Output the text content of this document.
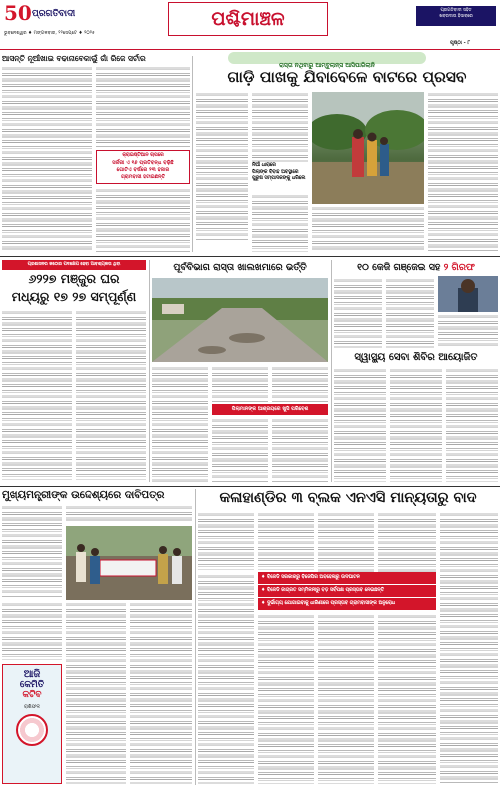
50 ପ୍ରଗତିବାଦୀ
ଭୁବନେଶ୍ୱର ♦ ମଙ୍ଗଳବାର, ୨୨ସେପ୍ଟେ ♦ ୨୦୨୫
ପଶ୍ଚିମାଞ୍ଚଳ	ପ୍ରଗତିବାଦୀ ସହିତ
ଖବରଦାତା ହିସାବରେ
ପୃଷ୍ଠା - ୮
ଆସନ୍ତି ନୂଆଁଖାଇ ବଢାନାବେକାଲୁଁ ଗାଁ ରିଜେ ସର୍ଟାର
କ୍ରାଇଷ୍ଟିଆନ ଚାପରେ
ସର୍ଜରୀ ଏ ୧୬ ପ୍ରତିବନ୍ଧ ବଢ଼ିଛି
ଗୋଟିଏ ବର୍ଷରେ ୨୩ ହଜାର
ଗ୍ରାମବାସୀ ହଟାଇଛନ୍ତି
ରାସ୍ତା ନଥିବାରୁ ଆମ୍ବୁଲାନ୍ସ ଆସିପାରିଲାନି
ଗାଡ଼ି ପାଖକୁ ଯିବାବେଳେ ବାଟରେ ପ୍ରସବ
ନିଆଁ ଧାରାରେ
ପିଲାଙ୍କ ବିବାହ ଅବସ୍ଥାରେ
ପୁରୁଷ ସମ୍ପାଦକଙ୍କୁ ଧରିଲେ
ପ୍ରଶାସନର କଠୋର ପଦକ୍ଷେପ ହେବା ଆବଶ୍ୟକତା ଥିବା
୬୨୨୭ ମଞ୍ଜୁର ଘର
ମଧ୍ୟରୁ ୧୭ ୨୭ ସମ୍ପୂର୍ଣ୍ଣ
ପୂର୍ବବିଭାଗ ରାସ୍ତା ଖାଲଖମାରେ ଭର୍ତ୍ତି
ପିଲାମାନଙ୍କ ଆଶ୍ରୟରେ ଖୁସି ପରିବେଶ
୧୦ କେଜି ଗଞ୍ଜେଇ ସହ ୨ ଗିରଫ
ସ୍ୱାସ୍ଥ୍ୟ ସେବା ଶିବିର ଆୟୋଜିତ
ମୁଖ୍ୟମନ୍ତ୍ରୀଙ୍କ ଉଦ୍ଦେଶ୍ୟରେ ଦାବିପତ୍ର
ଆଜି
କେମିତି
କଟିବ
ରାଶିଫଳ
କଳାହାଣ୍ଡିର ୩ ବ୍ଲକ ଏନଏସି ମାନ୍ୟତାରୁ ବାଦ
♦ ବିଜେଡି ସରକାରରୁ ବିଜେପିର ଅବହେଳାରୁ ଉଦଘାଟନ
♦ ବିଜେଡି ଜାଗ୍ରତ ସମ୍ମିଳନୀରୁ ବଡ଼ ସର୍ବପକ୍ଷ ପ୍ରସ୍ତାବ ନେଇଛନ୍ତି
♦ ଦୁର୍ଭାଗ୍ୟ ଯୋଗାଇବାକୁ ଧାରିଣୀରେ ପ୍ରସ୍ତାବ ଗ୍ରାମବାସୀଙ୍କ ଅନୁରୋଧ
